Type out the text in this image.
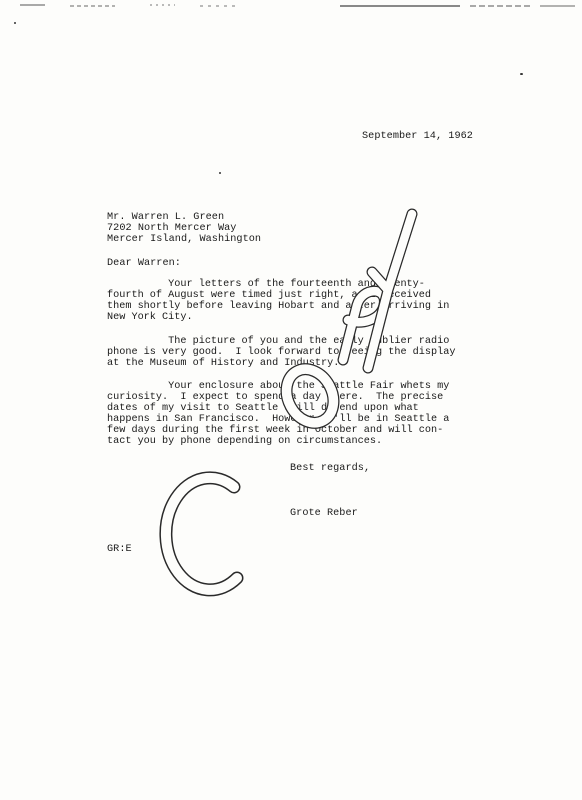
September 14, 1962
Mr. Warren L. Green
7202 North Mercer Way
Mercer Island, Washington
Dear Warren:
Your letters of the fourteenth and twenty-
fourth of August were timed just right, as I received
them shortly before leaving Hobart and after arriving in
New York City.
The picture of you and the early Dublier radio
phone is very good.  I look forward to seeing the display
at the Museum of History and Industry.
Your enclosure about the Seattle Fair whets my
curiosity.  I expect to spend a day there.  The precise
dates of my visit to Seattle still depend upon what
happens in San Francisco.  However, I'll be in Seattle a
few days during the first week in October and will con-
tact you by phone depending on circumstances.
Best regards,
Grote Reber
GR:E
